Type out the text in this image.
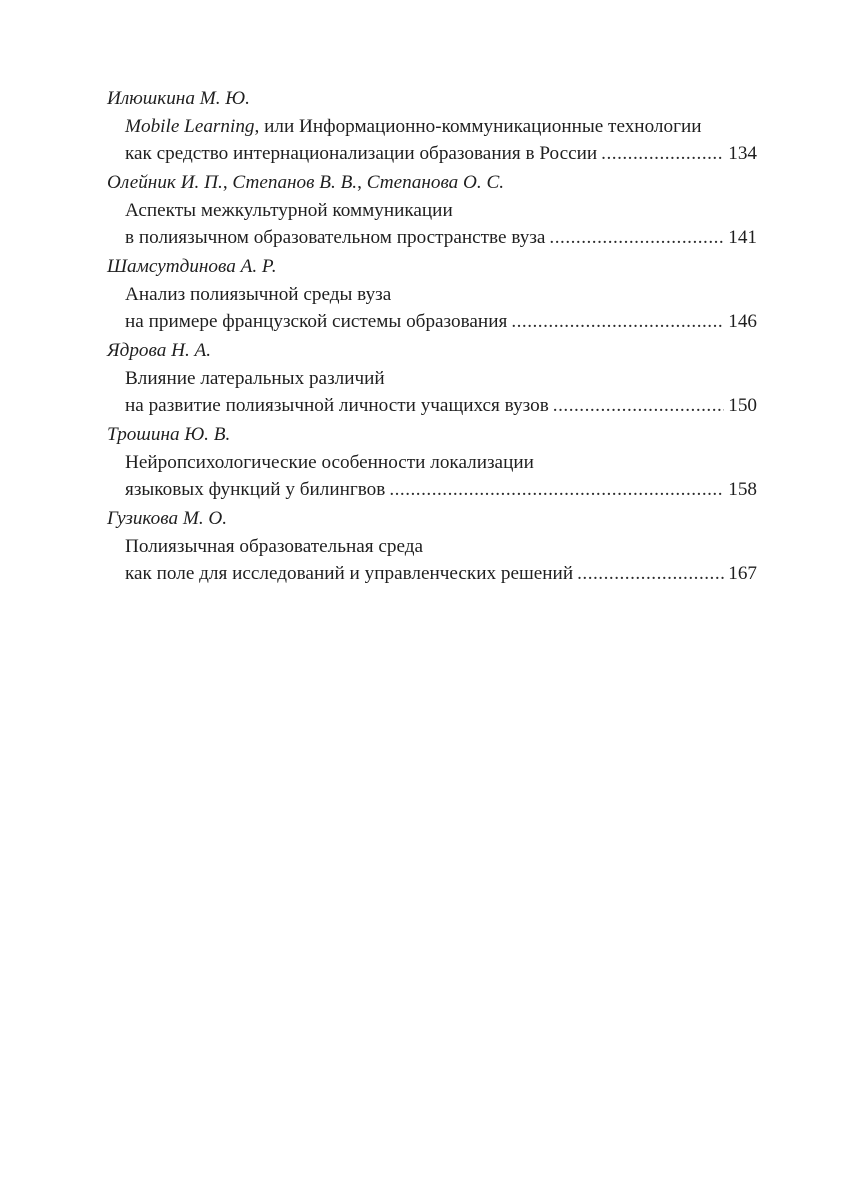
Илюшкина М. Ю.
Mobile Learning, или Информационно-коммуникационные технологии
как средство интернационализации образования в России .....	134
Олейник И. П., Степанов В. В., Степанова О. С.
Аспекты межкультурной коммуникации
в полиязычном образовательном пространстве вуза .....	141
Шамсутдинова А. Р.
Анализ полиязычной среды вуза
на примере французской системы образования .....	146
Ядрова Н. А.
Влияние латеральных различий
на развитие полиязычной личности учащихся вузов .....	150
Трошина Ю. В.
Нейропсихологические особенности локализации
языковых функций у билингвов .....	158
Гузикова М. О.
Полиязычная образовательная среда
как поле для исследований и управленческих решений .....	167
